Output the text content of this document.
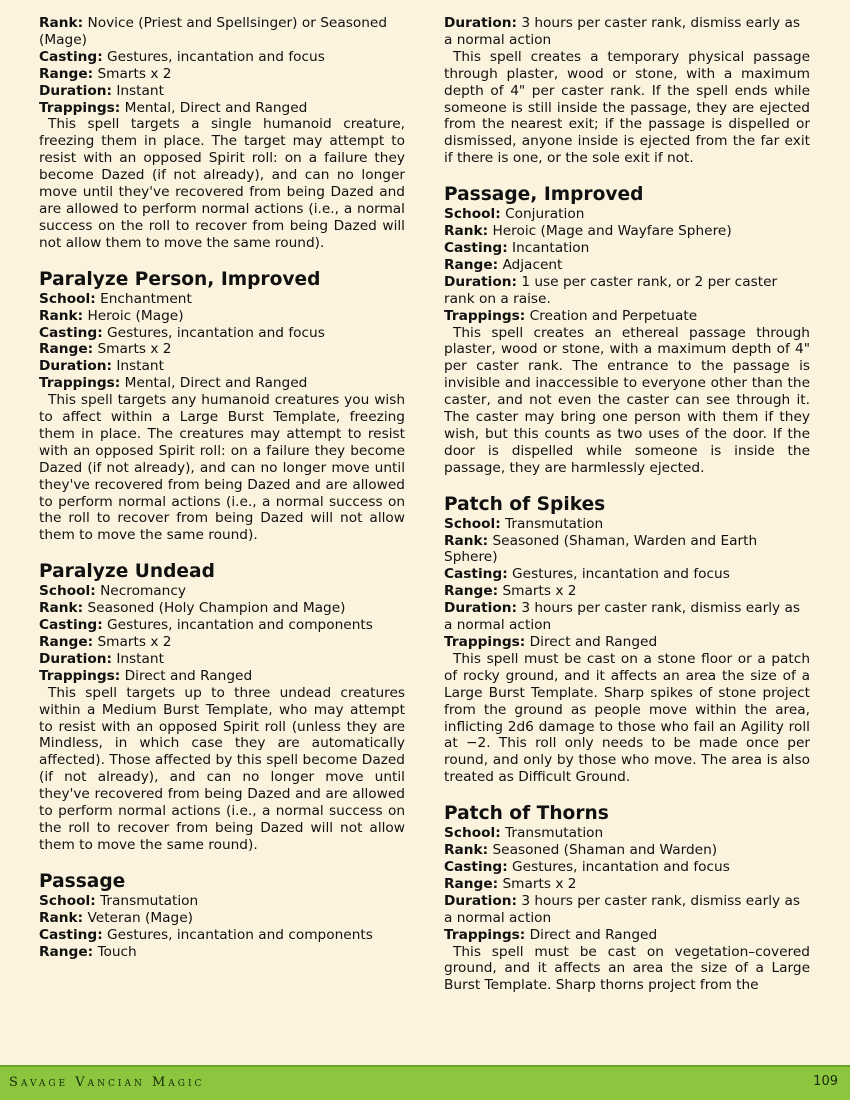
Rank: Novice (Priest and Spellsinger) or Seasoned (Mage)

Casting: Gestures, incantation and focus

Range: Smarts x 2

Duration: Instant

Trappings: Mental, Direct and Ranged

This spell targets a single humanoid creature, freezing them in place. The target may attempt to resist with an opposed Spirit roll: on a failure they become Dazed (if not already), and can no longer move until they've recovered from being Dazed and are allowed to perform normal actions (i.e., a normal success on the roll to recover from being Dazed will not allow them to move the same round).

Paralyze Person, Improved

School: Enchantment

Rank: Heroic (Mage)

Casting: Gestures, incantation and focus

Range: Smarts x 2

Duration: Instant

Trappings: Mental, Direct and Ranged

This spell targets any humanoid creatures you wish to affect within a Large Burst Template, freezing them in place. The creatures may attempt to resist with an opposed Spirit roll: on a failure they become Dazed (if not already), and can no longer move until they've recovered from being Dazed and are allowed to perform normal actions (i.e., a normal success on the roll to recover from being Dazed will not allow them to move the same round).

Paralyze Undead

School: Necromancy

Rank: Seasoned (Holy Champion and Mage)

Casting: Gestures, incantation and components

Range: Smarts x 2

Duration: Instant

Trappings: Direct and Ranged

This spell targets up to three undead creatures within a Medium Burst Template, who may attempt to resist with an opposed Spirit roll (unless they are Mindless, in which case they are automatically affected). Those affected by this spell become Dazed (if not already), and can no longer move until they've recovered from being Dazed and are allowed to perform normal actions (i.e., a normal success on the roll to recover from being Dazed will not allow them to move the same round).

Passage

School: Transmutation

Rank: Veteran (Mage)

Casting: Gestures, incantation and components

Range: Touch

Duration: 3 hours per caster rank, dismiss early as a normal action

This spell creates a temporary physical passage through plaster, wood or stone, with a maximum depth of 4" per caster rank. If the spell ends while someone is still inside the passage, they are ejected from the nearest exit; if the passage is dispelled or dismissed, anyone inside is ejected from the far exit if there is one, or the sole exit if not.

Passage, Improved

School: Conjuration

Rank: Heroic (Mage and Wayfare Sphere)

Casting: Incantation

Range: Adjacent

Duration: 1 use per caster rank, or 2 per caster rank on a raise.

Trappings: Creation and Perpetuate

This spell creates an ethereal passage through plaster, wood or stone, with a maximum depth of 4" per caster rank. The entrance to the passage is invisible and inaccessible to everyone other than the caster, and not even the caster can see through it. The caster may bring one person with them if they wish, but this counts as two uses of the door. If the door is dispelled while someone is inside the passage, they are harmlessly ejected.

Patch of Spikes

School: Transmutation

Rank: Seasoned (Shaman, Warden and Earth Sphere)

Casting: Gestures, incantation and focus

Range: Smarts x 2

Duration: 3 hours per caster rank, dismiss early as a normal action

Trappings: Direct and Ranged

This spell must be cast on a stone floor or a patch of rocky ground, and it affects an area the size of a Large Burst Template. Sharp spikes of stone project from the ground as people move within the area, inflicting 2d6 damage to those who fail an Agility roll at −2. This roll only needs to be made once per round, and only by those who move. The area is also treated as Difficult Ground.

Patch of Thorns

School: Transmutation

Rank: Seasoned (Shaman and Warden)

Casting: Gestures, incantation and focus

Range: Smarts x 2

Duration: 3 hours per caster rank, dismiss early as a normal action

Trappings: Direct and Ranged

This spell must be cast on vegetation–covered ground, and it affects an area the size of a Large Burst Template. Sharp thorns project from the

Savage Vancian Magic	109
